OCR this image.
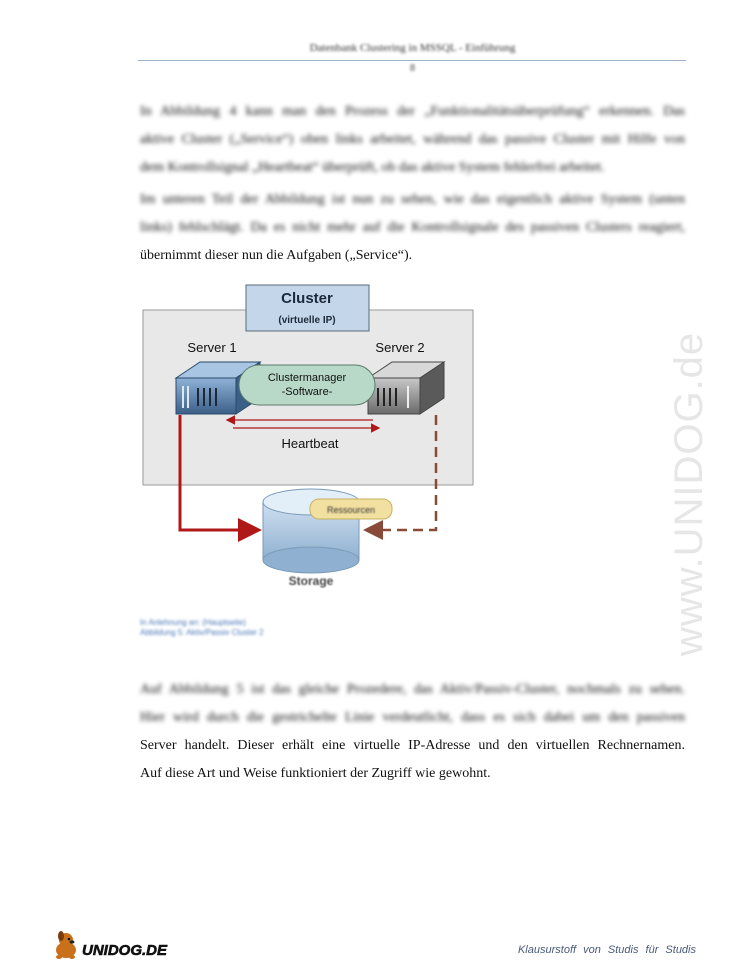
Datenbank Clustering in MSSQL - Einführung
8

In Abbildung 4 kann man den Prozess der „Funktionalitätsüberprüfung“ erkennen. Das

aktive Cluster („Service“) oben links arbeitet, während das passive Cluster mit Hilfe von

dem Kontrollsignal „Heartbeat“ überprüft, ob das aktive System fehlerfrei arbeitet.

Im unteren Teil der Abbildung ist nun zu sehen, wie das eigentlich aktive System (unten

links) fehlschlägt. Da es nicht mehr auf die Kontrollsignale des passiven Clusters reagiert,

übernimmt dieser nun die Aufgaben („Service“).

Cluster
(virtuelle IP)
Server 1	Server 2
Clustermanager
-Software-
Heartbeat
Ressourcen
Storage
In Anlehnung an: (Hauptseite)
Abbildung 5: Aktiv/Passiv Cluster 2

Auf Abbildung 5 ist das gleiche Prozedere, das Aktiv/Passiv-Cluster, nochmals zu sehen.

Hier wird durch die gestrichelte Linie verdeutlicht, dass es sich dabei um den passiven

Server handelt. Dieser erhält eine virtuelle IP-Adresse und den virtuellen Rechnernamen.

Auf diese Art und Weise funktioniert der Zugriff wie gewohnt.

www.UNIDOG.de
UNIDOG.DE	Klausurstoff von Studis für Studis
